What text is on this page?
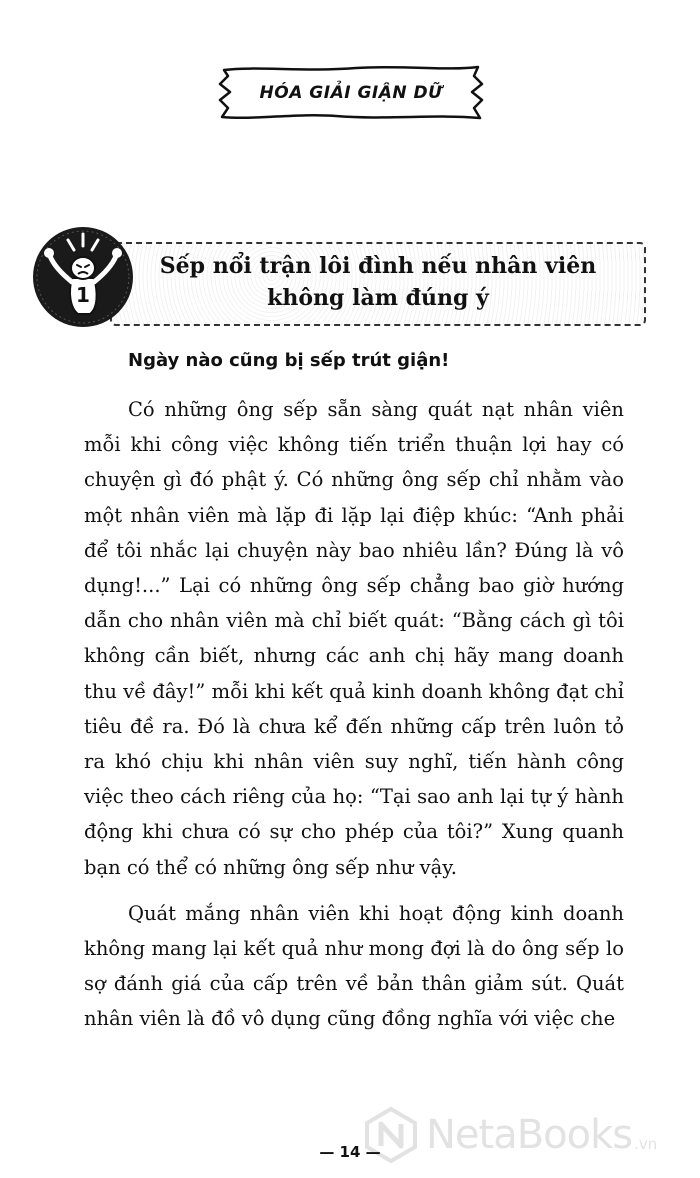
HÓA GIẢI GIẬN DỮ
1
Sếp nổi trận lôi đình nếu nhân viên
không làm đúng ý
Ngày nào cũng bị sếp trút giận!

Có những ông sếp sẵn sàng quát nạt nhân viên mỗi khi công việc không tiến triển thuận lợi hay có chuyện gì đó phật ý. Có những ông sếp chỉ nhằm vào một nhân viên mà lặp đi lặp lại điệp khúc: “Anh phải để tôi nhắc lại chuyện này bao nhiêu lần? Đúng là vô dụng!...” Lại có những ông sếp chẳng bao giờ hướng dẫn cho nhân viên mà chỉ biết quát: “Bằng cách gì tôi không cần biết, nhưng các anh chị hãy mang doanh thu về đây!” mỗi khi kết quả kinh doanh không đạt chỉ tiêu đề ra. Đó là chưa kể đến những cấp trên luôn tỏ ra khó chịu khi nhân viên suy nghĩ, tiến hành công việc theo cách riêng của họ: “Tại sao anh lại tự ý hành động khi chưa có sự cho phép của tôi?” Xung quanh bạn có thể có những ông sếp như vậy.

Quát mắng nhân viên khi hoạt động kinh doanh không mang lại kết quả như mong đợi là do ông sếp lo sợ đánh giá của cấp trên về bản thân giảm sút. Quát nhân viên là đồ vô dụng cũng đồng nghĩa với việc che

NetaBooks .vn
— 14 —
